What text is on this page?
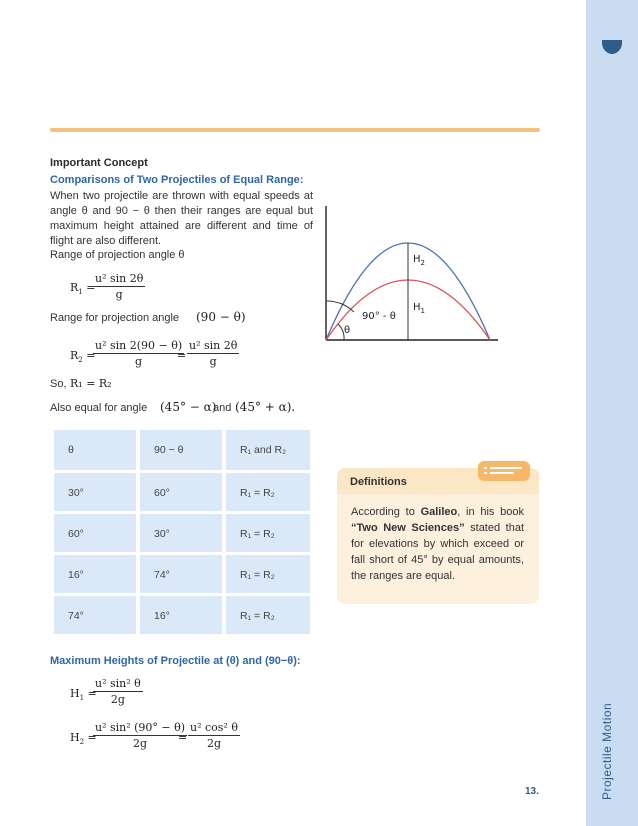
Projectile Motion
Important Concept
Comparisons of Two Projectiles of Equal Range:
When two projectile are thrown with equal speeds at angle θ and 90 − θ then their ranges are equal but maximum height attained are different and time of flight are also different.
Range of projection angle θ
$R_1$ =
$\frac{\text{u² sin 2θ}}{g}$
Range for projection angle (90 − θ)
$R_2$ =
$\frac{\text{u² sin 2(90 − θ)}}{g}$
= $\frac{\text{u² sin 2θ}}{g}$
So, R₁ = R₂
Also equal for angle (45° − α)
and (45° + α).
$H_2$
$H_1$
90° - θ
θ
θ	90 − θ	R₁ and R₂
30°	60°	R₁ = R₂
60°	30°	R₁ = R₂
16°	74°	R₁ = R₂
74°	16°	R₁ = R₂
Definitions
According to Galileo, in his book “Two New Sciences” stated that for elevations by which exceed or fall short of 45° by equal amounts, the ranges are equal.
Maximum Heights of Projectile at (θ) and (90−θ):
$H_1$ =
$\frac{\text{u² sin² θ}}{2g}$
$H_2$ =
$\frac{\text{u² sin² (90° − θ)}}{2g}$
= $\frac{\text{u² cos² θ}}{2g}$
13.
